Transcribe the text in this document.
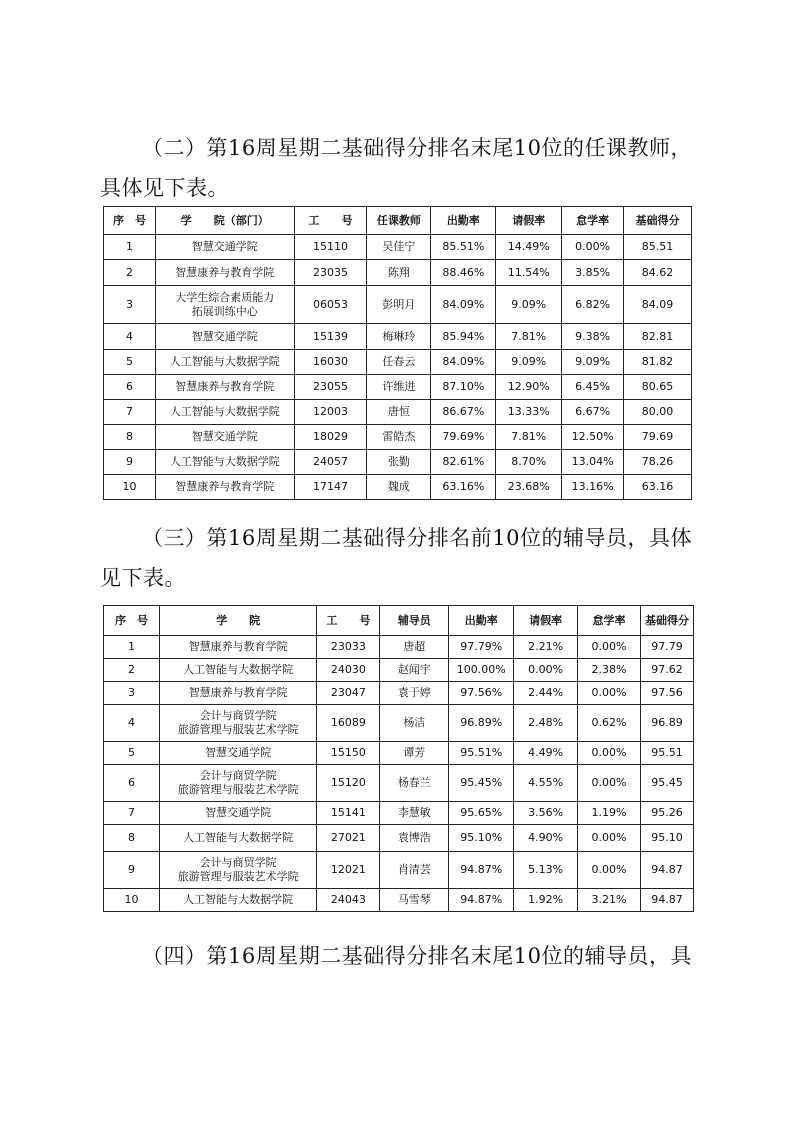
（二）第16周星期二基础得分排名末尾10位的任课教师，具体见下表。

序　号	学　　院（部门）	工　　号	任课教师	出勤率	请假率	怠学率	基础得分
1	智慧交通学院	15110	吴佳宁	85.51%	14.49%	0.00%	85.51
2	智慧康养与教育学院	23035	陈翔	88.46%	11.54%	3.85%	84.62
3	大学生综合素质能力
拓展训练中心	06053	彭明月	84.09%	9.09%	6.82%	84.09
4	智慧交通学院	15139	梅琳玲	85.94%	7.81%	9.38%	82.81
5	人工智能与大数据学院	16030	任春云	84.09%	9.09%	9.09%	81.82
6	智慧康养与教育学院	23055	许维进	87.10%	12.90%	6.45%	80.65
7	人工智能与大数据学院	12003	唐恒	86.67%	13.33%	6.67%	80.00
8	智慧交通学院	18029	雷皓杰	79.69%	7.81%	12.50%	79.69
9	人工智能与大数据学院	24057	张勤	82.61%	8.70%	13.04%	78.26
10	智慧康养与教育学院	17147	魏成	63.16%	23.68%	13.16%	63.16

（三）第16周星期二基础得分排名前10位的辅导员，具体见下表。

序　号	学　　院	工　　号	辅导员	出勤率	请假率	怠学率	基础得分
1	智慧康养与教育学院	23033	唐超	97.79%	2.21%	0.00%	97.79
2	人工智能与大数据学院	24030	赵闻宇	100.00%	0.00%	2.38%	97.62
3	智慧康养与教育学院	23047	袁于婷	97.56%	2.44%	0.00%	97.56
4	会计与商贸学院
旅游管理与服装艺术学院	16089	杨洁	96.89%	2.48%	0.62%	96.89
5	智慧交通学院	15150	谭芳	95.51%	4.49%	0.00%	95.51
6	会计与商贸学院
旅游管理与服装艺术学院	15120	杨春兰	95.45%	4.55%	0.00%	95.45
7	智慧交通学院	15141	李慧敏	95.65%	3.56%	1.19%	95.26
8	人工智能与大数据学院	27021	袁博浩	95.10%	4.90%	0.00%	95.10
9	会计与商贸学院
旅游管理与服装艺术学院	12021	肖清芸	94.87%	5.13%	0.00%	94.87
10	人工智能与大数据学院	24043	马雪琴	94.87%	1.92%	3.21%	94.87

（四）第16周星期二基础得分排名末尾10位的辅导员，具
